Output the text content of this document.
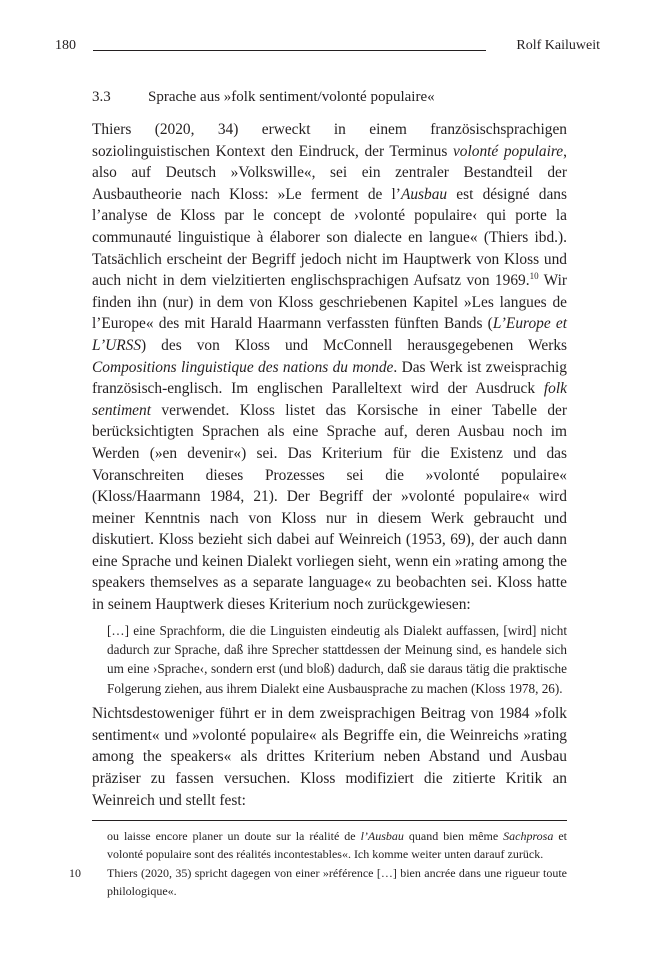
180	Rolf Kailuweit
3.3 Sprache aus »folk sentiment/volonté populaire«

Thiers (2020, 34) erweckt in einem französischsprachigen soziolinguistischen Kontext den Eindruck, der Terminus volonté populaire, also auf Deutsch »Volkswille«, sei ein zentraler Bestandteil der Ausbautheorie nach Kloss: »Le ferment de l’Ausbau est désigné dans l’analyse de Kloss par le concept de ›volonté populaire‹ qui porte la communauté linguistique à élaborer son dialecte en langue« (Thiers ibd.). Tatsächlich erscheint der Begriff jedoch nicht im Hauptwerk von Kloss und auch nicht in dem vielzitierten englischsprachigen Aufsatz von 1969.10 Wir finden ihn (nur) in dem von Kloss geschriebenen Kapitel »Les langues de l’Europe« des mit Harald Haarmann verfassten fünften Bands (L’Europe et L’URSS) des von Kloss und McConnell herausgegebenen Werks Compositions linguistique des nations du monde. Das Werk ist zweisprachig französisch-englisch. Im englischen Paralleltext wird der Ausdruck folk sentiment verwendet. Kloss listet das Korsische in einer Tabelle der berücksichtigten Sprachen als eine Sprache auf, deren Ausbau noch im Werden (»en devenir«) sei. Das Kriterium für die Existenz und das Voranschreiten dieses Prozesses sei die »volonté populaire« (Kloss/Haarmann 1984, 21). Der Begriff der »volonté populaire« wird meiner Kenntnis nach von Kloss nur in diesem Werk gebraucht und diskutiert. Kloss bezieht sich dabei auf Weinreich (1953, 69), der auch dann eine Sprache und keinen Dialekt vorliegen sieht, wenn ein »rating among the speakers themselves as a separate language« zu beobachten sei. Kloss hatte in seinem Hauptwerk dieses Kriterium noch zurückgewiesen:

[…] eine Sprachform, die die Linguisten eindeutig als Dialekt auffassen, [wird] nicht dadurch zur Sprache, daß ihre Sprecher stattdessen der Meinung sind, es handele sich um eine ›Sprache‹, sondern erst (und bloß) dadurch, daß sie daraus tätig die praktische Folgerung ziehen, aus ihrem Dialekt eine Ausbausprache zu machen (Kloss 1978, 26).

Nichtsdestoweniger führt er in dem zweisprachigen Beitrag von 1984 »folk sentiment« und »volonté populaire« als Begriffe ein, die Weinreichs »rating among the speakers« als drittes Kriterium neben Abstand und Ausbau präziser zu fassen versuchen. Kloss modifiziert die zitierte Kritik an Weinreich und stellt fest:

ou laisse encore planer un doute sur la réalité de l’Ausbau quand bien même Sachprosa et volonté populaire sont des réalités incontestables«. Ich komme weiter unten darauf zurück.
10 Thiers (2020, 35) spricht dagegen von einer »référence […] bien ancrée dans une rigueur toute philologique«.
